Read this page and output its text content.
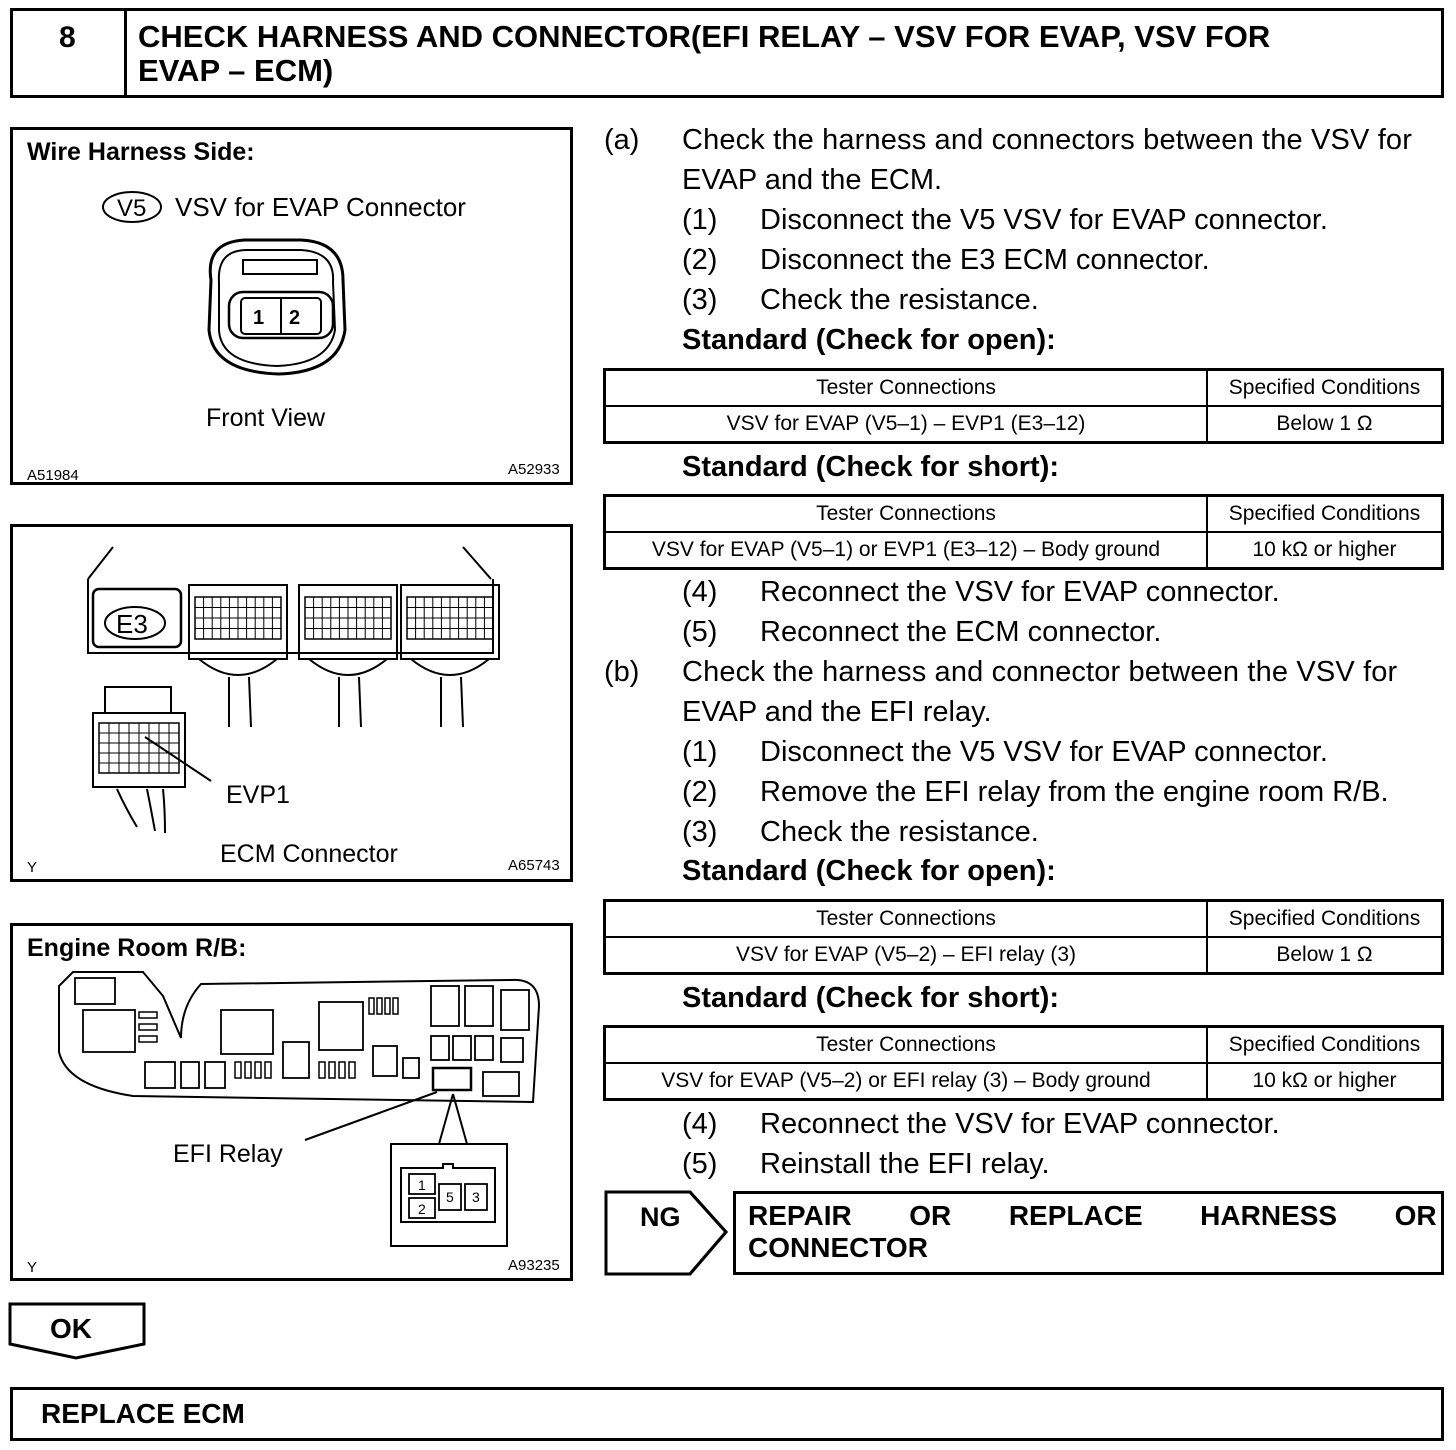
8 CHECK HARNESS AND CONNECTOR(EFI RELAY – VSV FOR EVAP, VSV FOR
EVAP – ECM)
Wire Harness Side:
V5 VSV for EVAP Connector
1 2
Front View
A51984	A52933
E3
EVP1
ECM Connector
Y	A65743
Engine Room R/B:
EFI Relay
1
2
5 3
Y	A93235
(a) Check the harness and connectors between the VSV for
EVAP and the ECM.
(1) Disconnect the V5 VSV for EVAP connector.
(2) Disconnect the E3 ECM connector.
(3) Check the resistance.
Standard (Check for open):
Tester Connections	Specified Conditions
VSV for EVAP (V5–1) – EVP1 (E3–12)	Below 1 Ω
Standard (Check for short):
Tester Connections	Specified Conditions
VSV for EVAP (V5–1) or EVP1 (E3–12) – Body ground	10 kΩ or higher
(4) Reconnect the VSV for EVAP connector.
(5) Reconnect the ECM connector.
(b) Check the harness and connector between the VSV for
EVAP and the EFI relay.
(1) Disconnect the V5 VSV for EVAP connector.
(2) Remove the EFI relay from the engine room R/B.
(3) Check the resistance.
Standard (Check for open):
Tester Connections	Specified Conditions
VSV for EVAP (V5–2) – EFI relay (3)	Below 1 Ω
Standard (Check for short):
Tester Connections	Specified Conditions
VSV for EVAP (V5–2) or EFI relay (3) – Body ground	10 kΩ or higher
(4) Reconnect the VSV for EVAP connector.
(5) Reinstall the EFI relay.
NG REPAIR  OR  REPLACE  HARNESS  OR
CONNECTOR
OK
REPLACE ECM
